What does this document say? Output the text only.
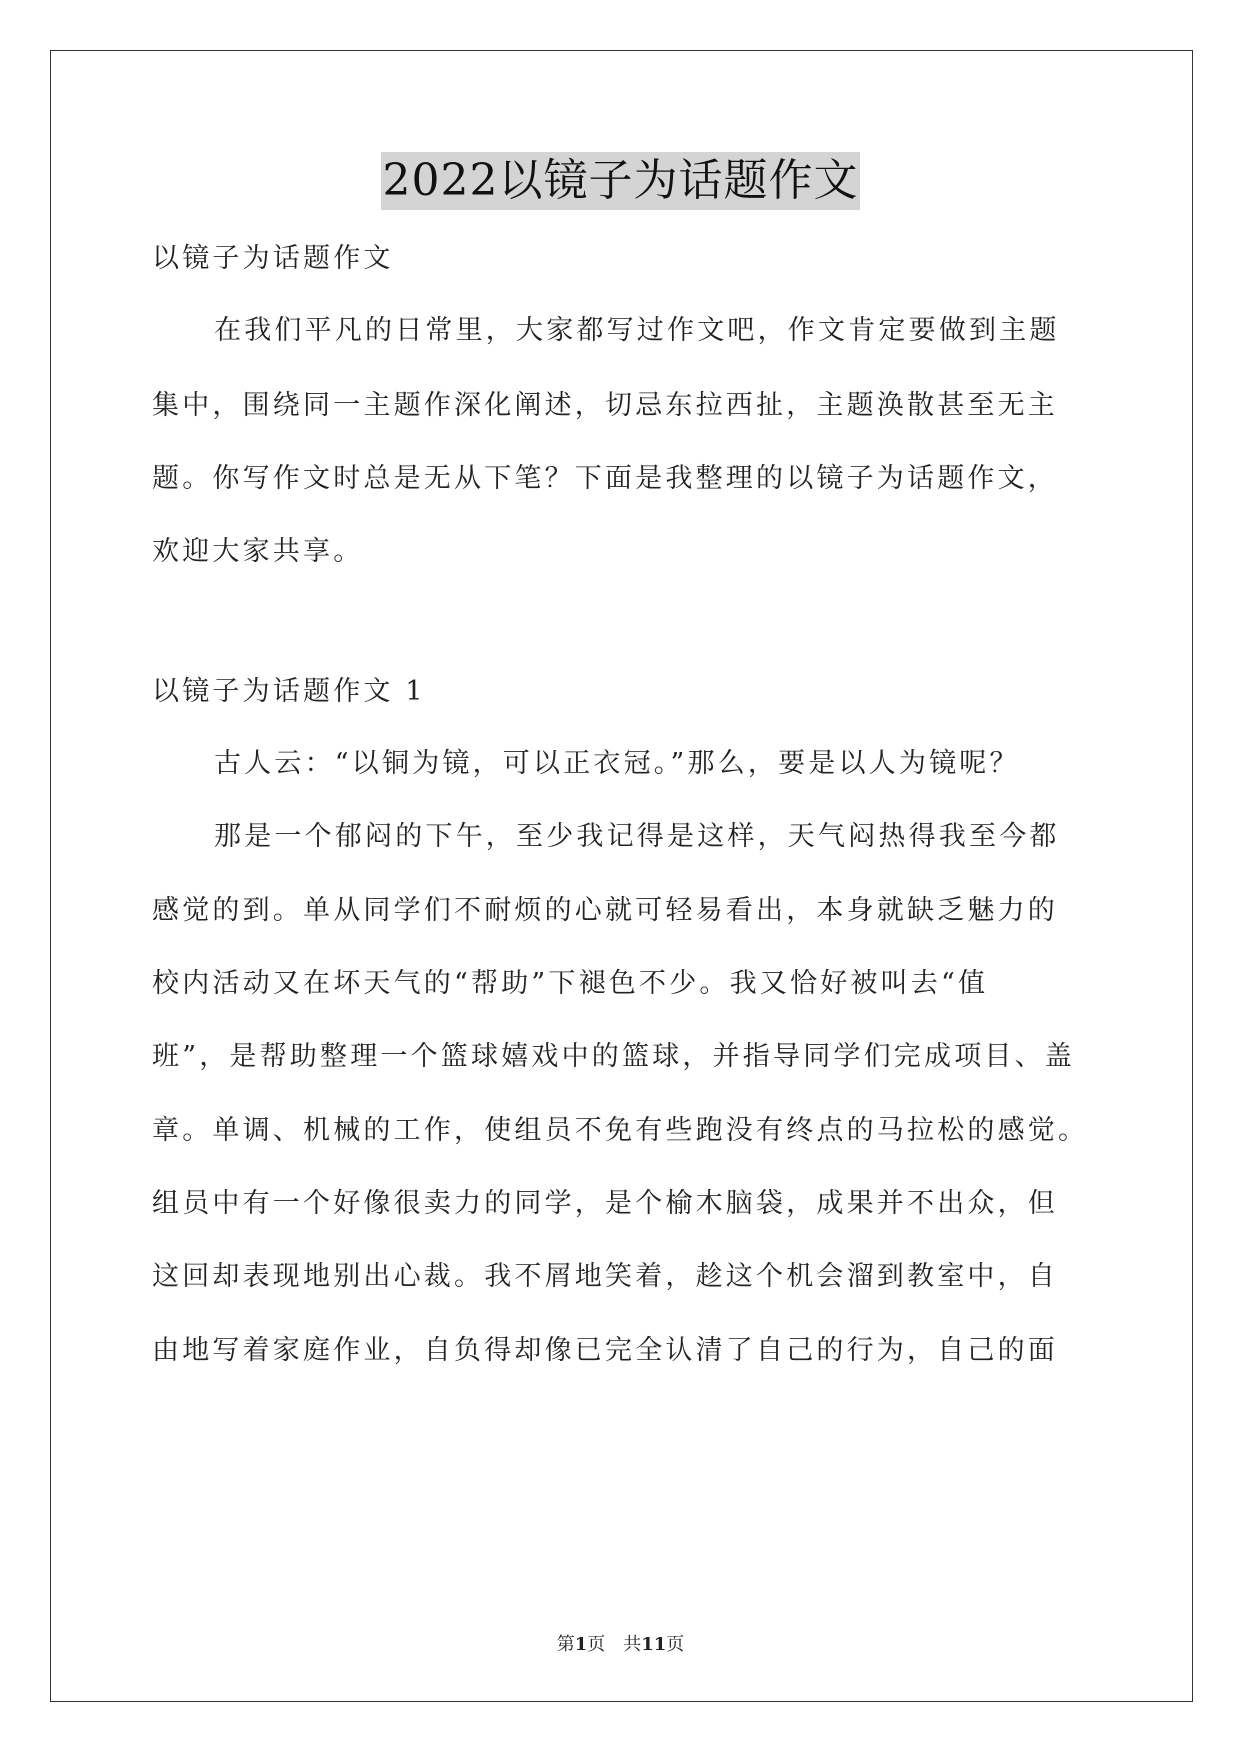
2022以镜子为话题作文
以镜子为话题作文
在我们平凡的日常里，大家都写过作文吧，作文肯定要做到主题
集中，围绕同一主题作深化阐述，切忌东拉西扯，主题涣散甚至无主
题。你写作文时总是无从下笔？下面是我整理的以镜子为话题作文，
欢迎大家共享。
以镜子为话题作文 1
古人云：“以铜为镜，可以正衣冠。”那么，要是以人为镜呢？
那是一个郁闷的下午，至少我记得是这样，天气闷热得我至今都
感觉的到。单从同学们不耐烦的心就可轻易看出，本身就缺乏魅力的
校内活动又在坏天气的“帮助”下褪色不少。我又恰好被叫去“值
班”，是帮助整理一个篮球嬉戏中的篮球，并指导同学们完成项目、盖
章。单调、机械的工作，使组员不免有些跑没有终点的马拉松的感觉。
组员中有一个好像很卖力的同学，是个榆木脑袋，成果并不出众，但
这回却表现地别出心裁。我不屑地笑着，趁这个机会溜到教室中，自
由地写着家庭作业，自负得却像已完全认清了自己的行为，自己的面
第1页　共11页
